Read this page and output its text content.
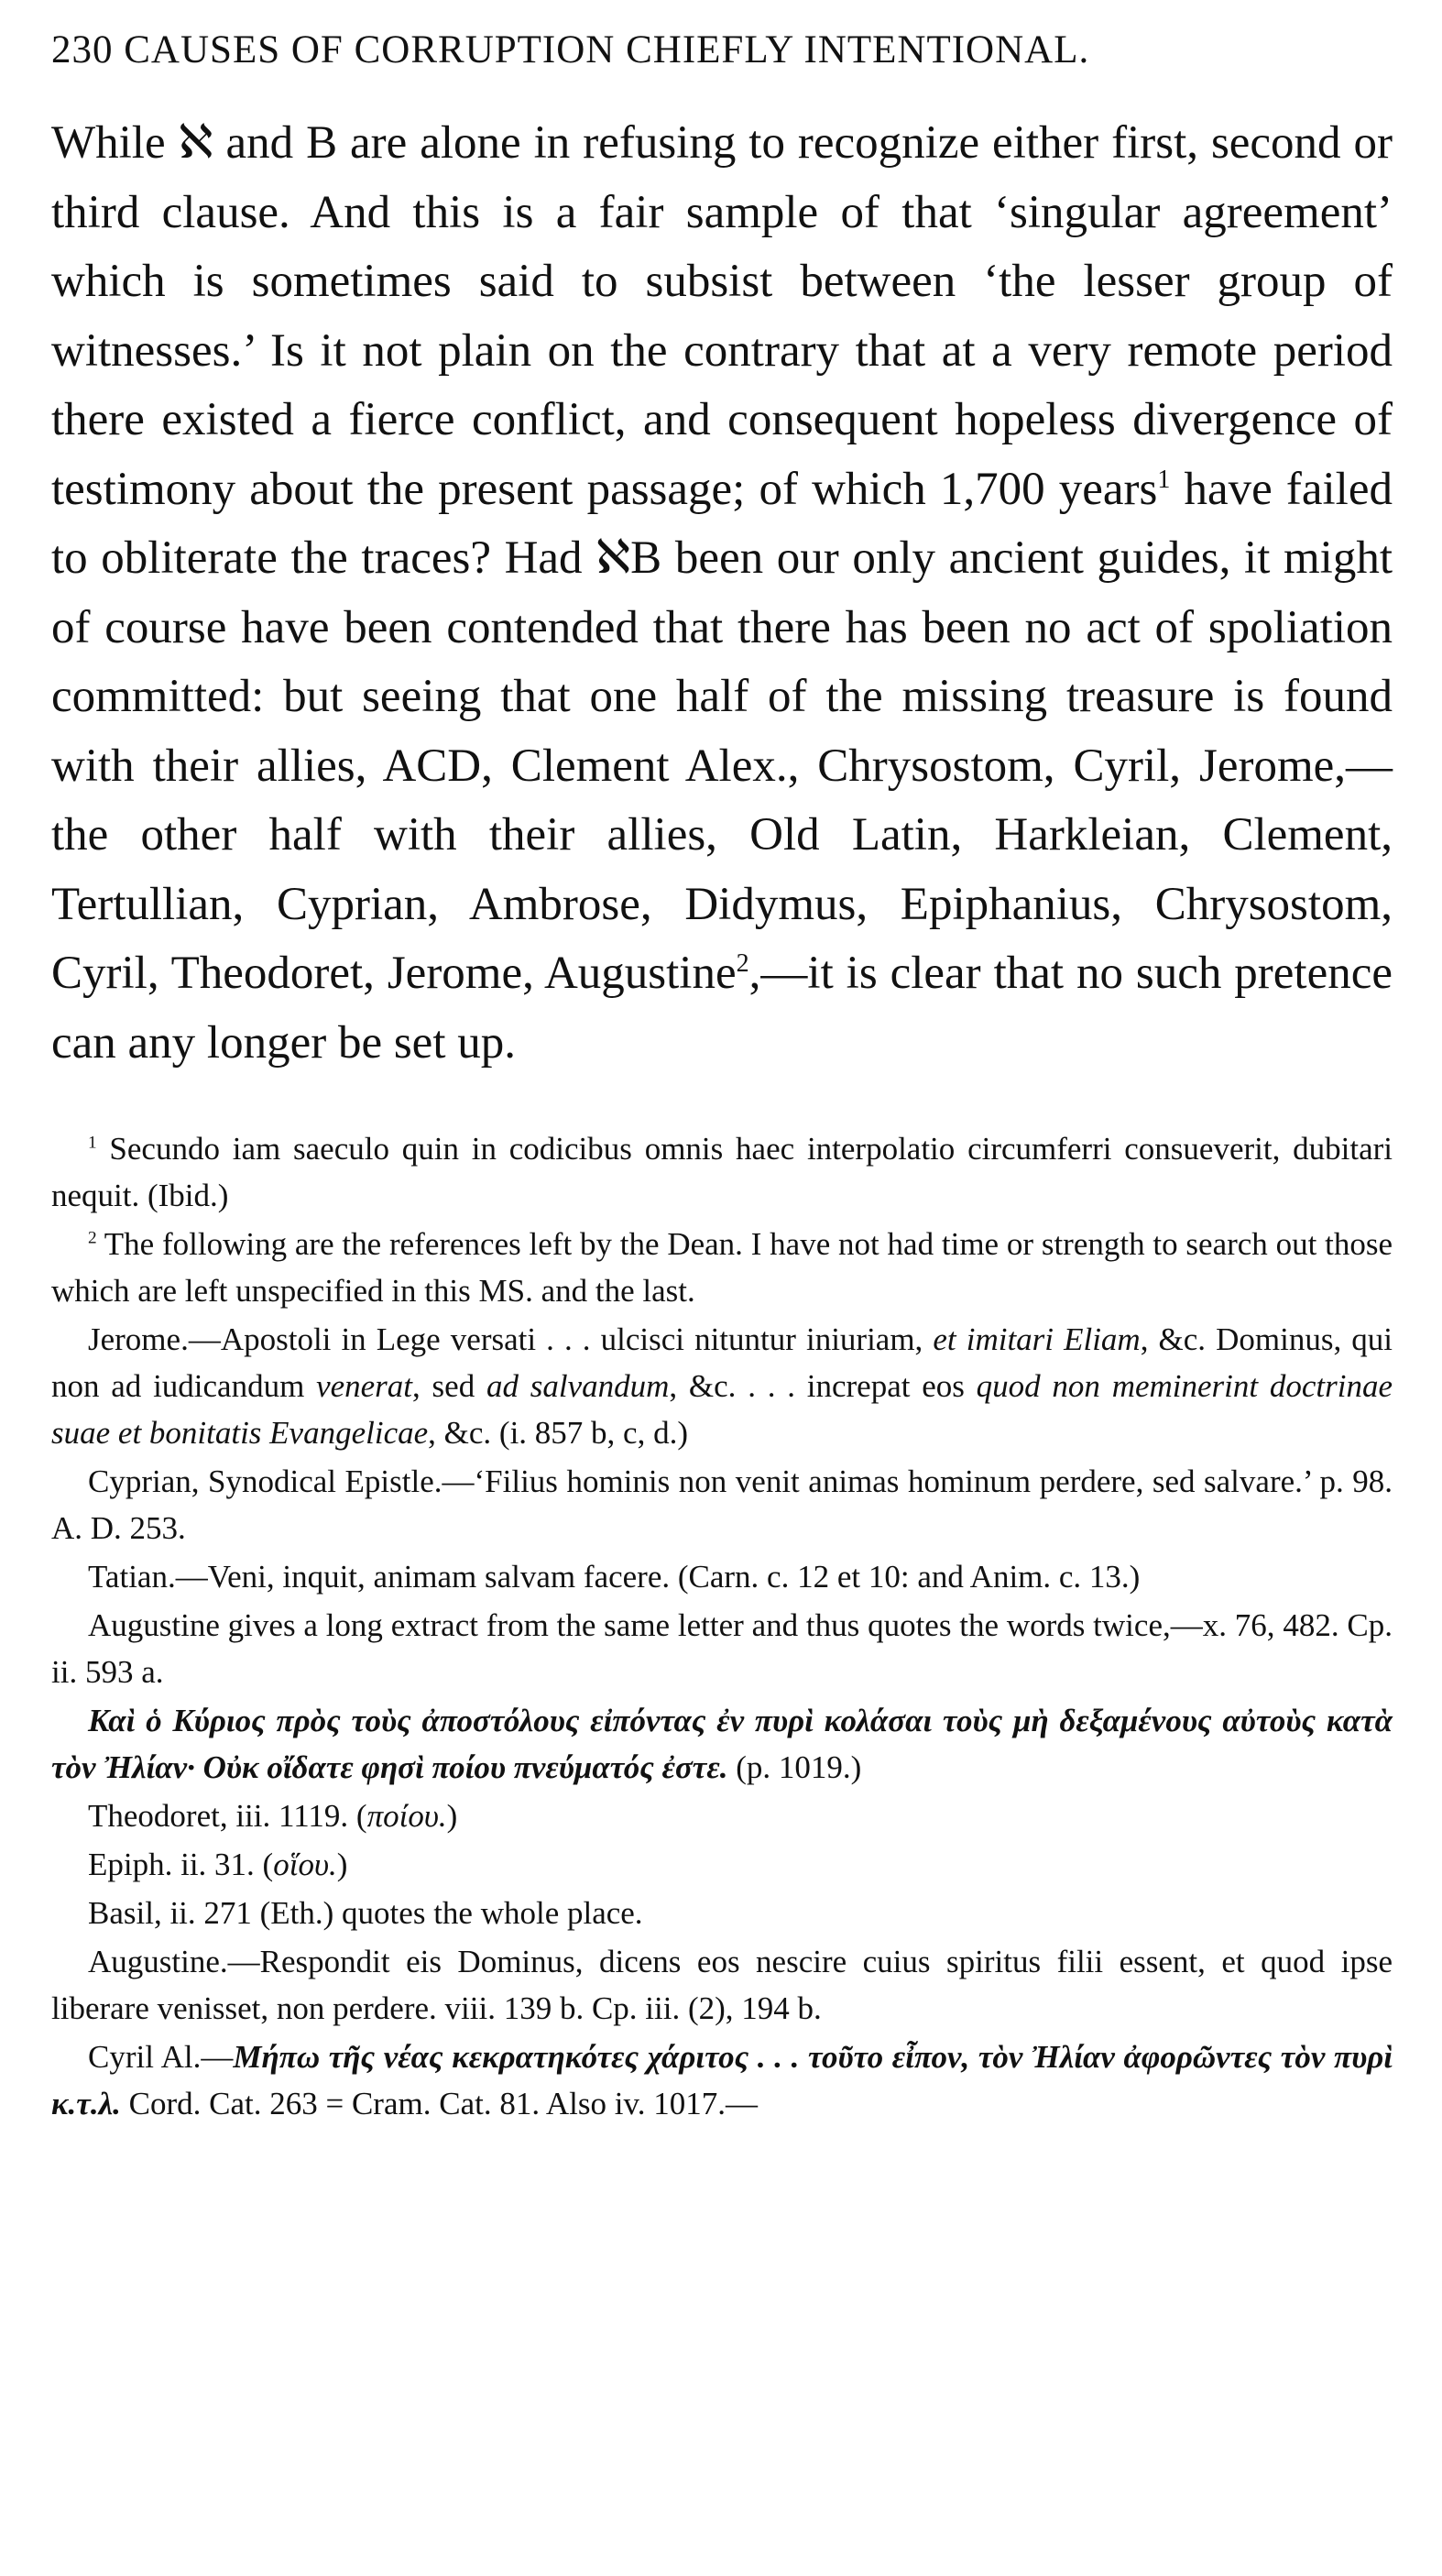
230 CAUSES OF CORRUPTION CHIEFLY INTENTIONAL.

While ℵ and B are alone in refusing to recognize either first, second or third clause. And this is a fair sample of that ‘singular agreement’ which is sometimes said to subsist between ‘the lesser group of witnesses.’ Is it not plain on the contrary that at a very remote period there existed a fierce conflict, and consequent hopeless divergence of testimony about the present passage; of which 1,700 years$^1$ have failed to obliterate the traces? Had ℵB been our only ancient guides, it might of course have been contended that there has been no act of spoliation committed: but seeing that one half of the missing treasure is found with their allies, ACD, Clement Alex., Chrysostom, Cyril, Jerome,—the other half with their allies, Old Latin, Harkleian, Clement, Tertullian, Cyprian, Ambrose, Didymus, Epiphanius, Chrysostom, Cyril, Theodoret, Jerome, Augustine$^2$,—it is clear that no such pretence can any longer be set up.

$^1$ Secundo iam saeculo quin in codicibus omnis haec interpolatio circumferri consueverit, dubitari nequit. (Ibid.)

$^2$ The following are the references left by the Dean. I have not had time or strength to search out those which are left unspecified in this MS. and the last.

Jerome.—Apostoli in Lege versati . . . ulcisci nituntur iniuriam, et imitari Eliam, &c. Dominus, qui non ad iudicandum venerat, sed ad salvandum, &c. . . . increpat eos quod non meminerint doctrinae suae et bonitatis Evangelicae, &c. (i. 857 b, c, d.)

Cyprian, Synodical Epistle.—‘Filius hominis non venit animas hominum perdere, sed salvare.’ p. 98. A. D. 253.

Tatian.—Veni, inquit, animam salvam facere. (Carn. c. 12 et 10: and Anim. c. 13.)

Augustine gives a long extract from the same letter and thus quotes the words twice,—x. 76, 482. Cp. ii. 593 a.

Καὶ ὁ Κύριος πρὸς τοὺς ἀποστόλους εἰπόντας ἐν πυρὶ κολάσαι τοὺς μὴ δεξαμένους αὐτοὺς κατὰ τὸν Ἠλίαν· Οὐκ οἴδατε φησὶ ποίου πνεύματός ἐστε. (p. 1019.)

Theodoret, iii. 1119. (ποίου.)

Epiph. ii. 31. (οἵου.)

Basil, ii. 271 (Eth.) quotes the whole place.

Augustine.—Respondit eis Dominus, dicens eos nescire cuius spiritus filii essent, et quod ipse liberare venisset, non perdere. viii. 139 b. Cp. iii. (2), 194 b.

Cyril Al.—Μήπω τῆς νέας κεκρατηκότες χάριτος . . . τοῦτο εἶπον, τὸν Ἠλίαν ἀφορῶντες τὸν πυρὶ κ.τ.λ. Cord. Cat. 263 = Cram. Cat. 81. Also iv. 1017.—
